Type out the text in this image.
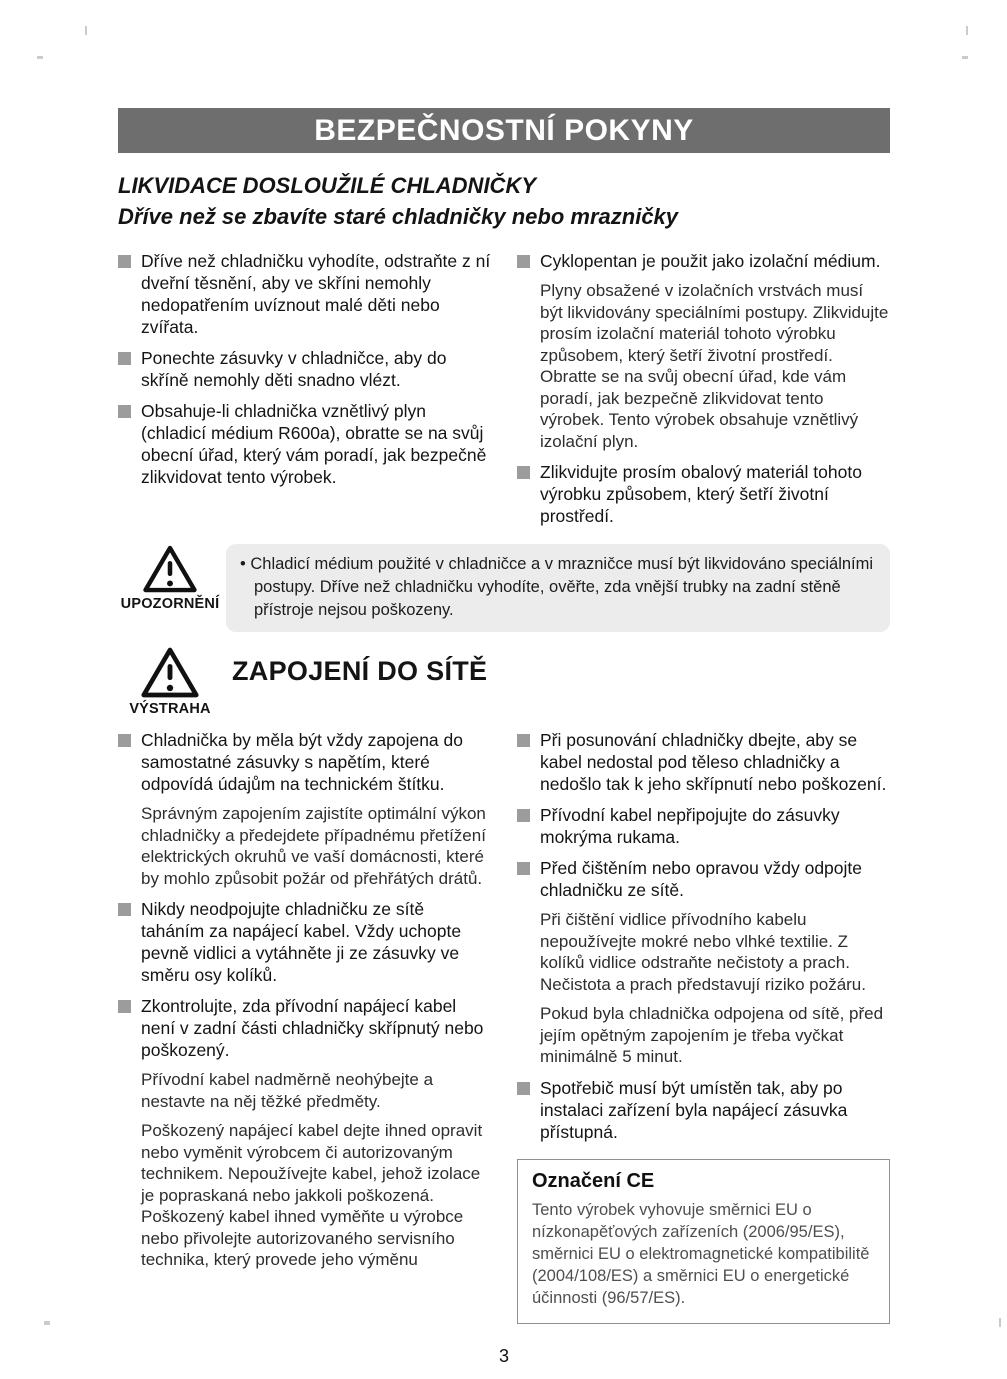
BEZPEČNOSTNÍ POKYNY
LIKVIDACE DOSLOUŽILÉ CHLADNIČKY
Dříve než se zbavíte staré chladničky nebo mrazničky

Dříve než chladničku vyhodíte, odstraňte z ní dveřní těsnění, aby ve skříni nemohly nedopatřením uvíznout malé děti nebo zvířata.

Ponechte zásuvky v chladničce, aby do skříně nemohly děti snadno vlézt.

Obsahuje-li chladnička vznětlivý plyn (chladicí médium R600a), obratte se na svůj obecní úřad, který vám poradí, jak bezpečně zlikvidovat tento výrobek.

Cyklopentan je použit jako izolační médium.

Plyny obsažené v izolačních vrstvách musí být likvidovány speciálními postupy. Zlikvidujte prosím izolační materiál tohoto výrobku způsobem, který šetří životní prostředí. Obratte se na svůj obecní úřad, kde vám poradí, jak bezpečně zlikvidovat tento výrobek. Tento výrobek obsahuje vznětlivý izolační plyn.

Zlikvidujte prosím obalový materiál tohoto výrobku způsobem, který šetří životní prostředí.

UPOZORNĚNÍ

• Chladicí médium použité v chladničce a v mrazničce musí být likvidováno speciálními postupy. Dříve než chladničku vyhodíte, ověřte, zda vnější trubky na zadní stěně přístroje nejsou poškozeny.

VÝSTRAHA
ZAPOJENÍ DO SÍTĚ

Chladnička by měla být vždy zapojena do samostatné zásuvky s napětím, které odpovídá údajům na technickém štítku.

Správným zapojením zajistíte optimální výkon chladničky a předejdete případnému přetížení elektrických okruhů ve vaší domácnosti, které by mohlo způsobit požár od přehřátých drátů.

Nikdy neodpojujte chladničku ze sítě taháním za napájecí kabel. Vždy uchopte pevně vidlici a vytáhněte ji ze zásuvky ve směru osy kolíků.

Zkontrolujte, zda přívodní napájecí kabel není v zadní části chladničky skřípnutý nebo poškozený.

Přívodní kabel nadměrně neohýbejte a nestavte na něj těžké předměty.

Poškozený napájecí kabel dejte ihned opravit nebo vyměnit výrobcem či autorizovaným technikem. Nepoužívejte kabel, jehož izolace je popraskaná nebo jakkoli poškozená. Poškozený kabel ihned vyměňte u výrobce nebo přivolejte autorizovaného servisního technika, který provede jeho výměnu

Při posunování chladničky dbejte, aby se kabel nedostal pod těleso chladničky a nedošlo tak k jeho skřípnutí nebo poškození.

Přívodní kabel nepřipojujte do zásuvky mokrýma rukama.

Před čištěním nebo opravou vždy odpojte chladničku ze sítě.

Při čištění vidlice přívodního kabelu nepoužívejte mokré nebo vlhké textilie. Z kolíků vidlice odstraňte nečistoty a prach. Nečistota a prach představují riziko požáru.

Pokud byla chladnička odpojena od sítě, před jejím opětným zapojením je třeba vyčkat minimálně 5 minut.

Spotřebič musí být umístěn tak, aby po instalaci zařízení byla napájecí zásuvka přístupná.

Označení CE

Tento výrobek vyhovuje směrnici EU o nízkonapěťových zařízeních (2006/95/ES), směrnici EU o elektromagnetické kompatibilitě (2004/108/ES) a směrnici EU o energetické účinnosti (96/57/ES).

3
